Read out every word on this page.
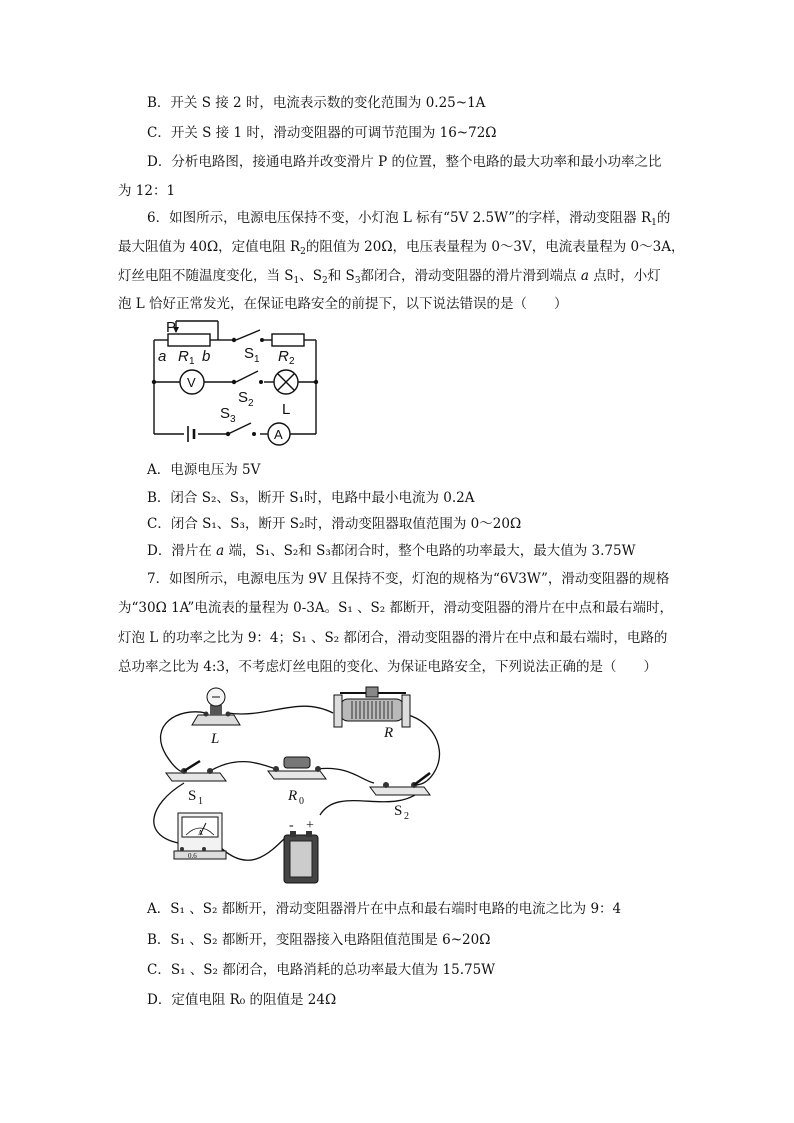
B．开关 S 接 2 时，电流表示数的变化范围为 0.25~1A
C．开关 S 接 1 时，滑动变阻器的可调节范围为 16~72Ω
D．分析电路图，接通电路并改变滑片 P 的位置，整个电路的最大功率和最小功率之比
为 12：1
6．如图所示，电源电压保持不变，小灯泡 L 标有“5V 2.5W”的字样，滑动变阻器 $R_1$的
最大阻值为 40Ω，定值电阻 $R_2$的阻值为 20Ω，电压表量程为 0～3V，电流表量程为 0～3A，
灯丝电阻不随温度变化，当 $S_1$、$S_2$和 $S_3$都闭合，滑动变阻器的滑片滑到端点 a 点时，小灯
泡 L 恰好正常发光，在保证电路安全的前提下，以下说法错误的是（　　）
P
a R 1 b S 1 R 2
V
S 2 L
S 3
A
A．电源电压为 5V
B．闭合 S₂、S₃，断开 S₁时，电路中最小电流为 0.2A
C．闭合 S₁、S₃，断开 S₂时，滑动变阻器取值范围为 0～20Ω
D．滑片在 a 端，S₁、S₂和 S₃都闭合时，整个电路的功率最大，最大值为 3.75W
7．如图所示，电源电压为 9V 且保持不变，灯泡的规格为“6V3W”，滑动变阻器的规格
为“30Ω 1A”电流表的量程为 0-3A。S₁ 、S₂ 都断开，滑动变阻器的滑片在中点和最右端时，
灯泡 L 的功率之比为 9：4；S₁ 、S₂ 都闭合，滑动变阻器的滑片在中点和最右端时，电路的
总功率之比为 4:3，不考虑灯丝电阻的变化、为保证电路安全，下列说法正确的是（　　）
L	R
S 1	R 0
S 2
A
0.6
- +
A．S₁ 、S₂ 都断开，滑动变阻器滑片在中点和最右端时电路的电流之比为 9：4
B．S₁ 、S₂ 都断开，变阻器接入电路阻值范围是 6~20Ω
C．S₁ 、S₂ 都闭合，电路消耗的总功率最大值为 15.75W
D．定值电阻 R₀ 的阻值是 24Ω
